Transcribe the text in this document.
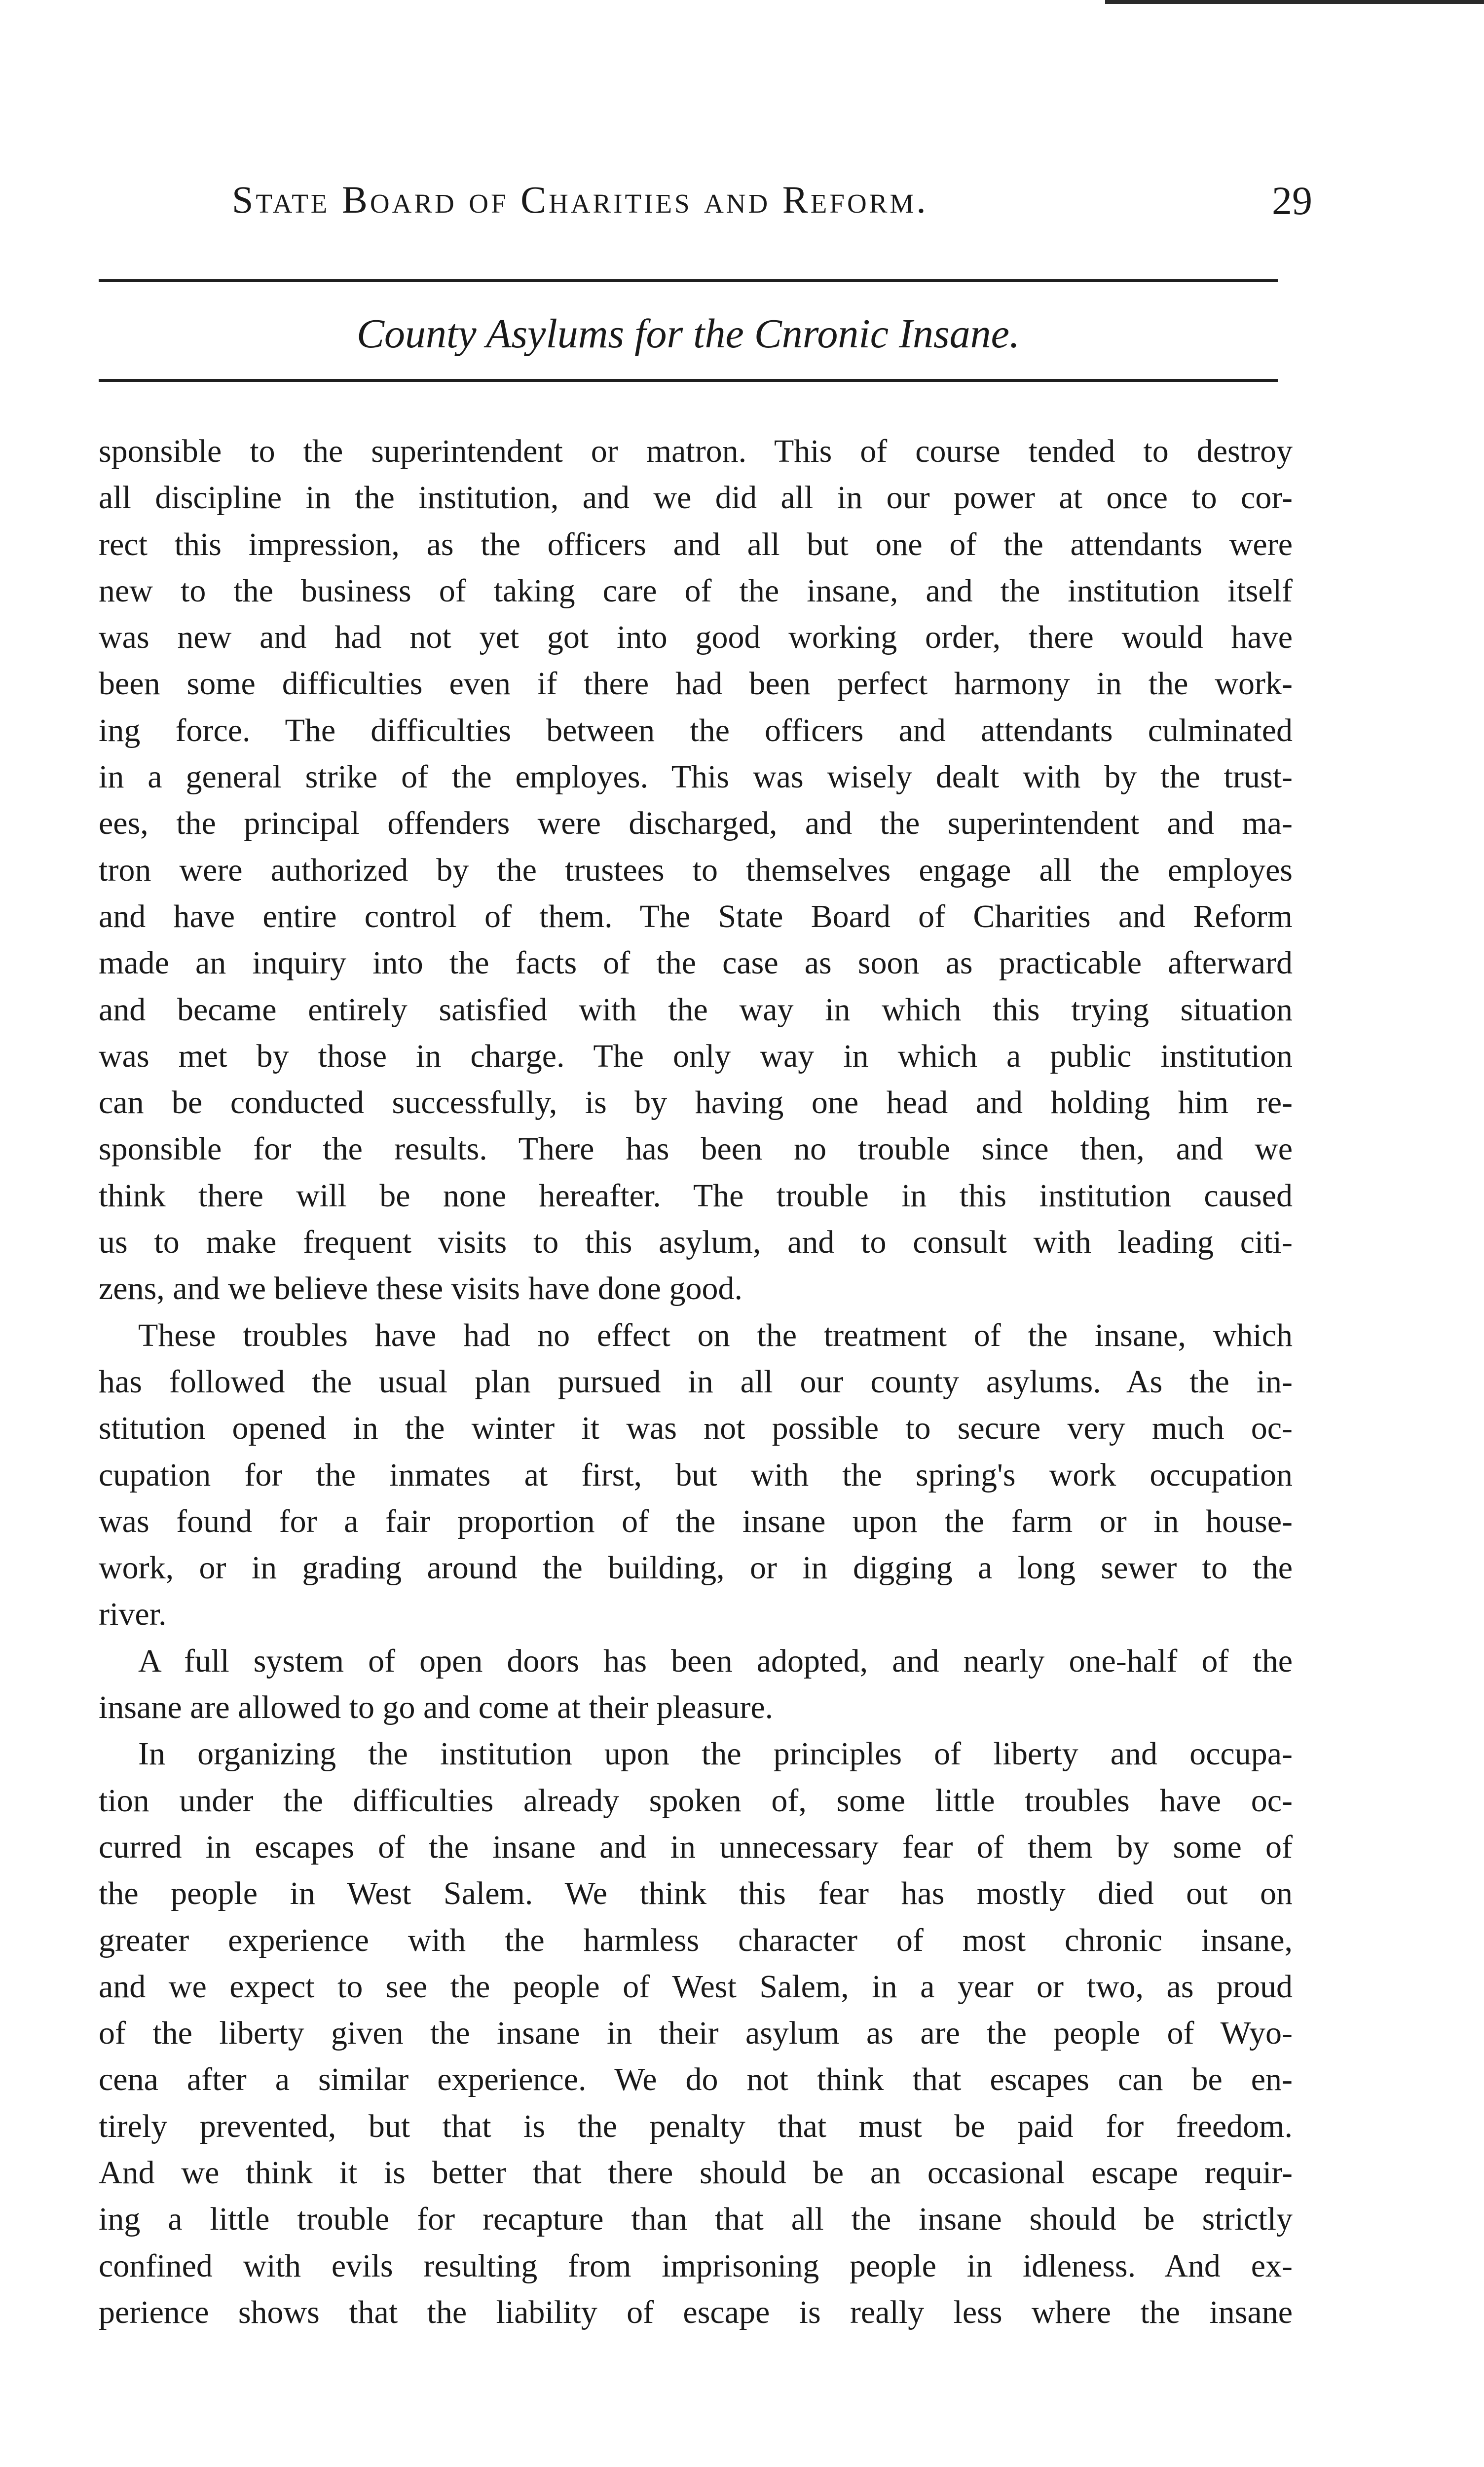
State Board of Charities and Reform.	29
County Asylums for the Cnronic Insane.
sponsible to the superintendent or matron. This of course tended to destroy
all discipline in the institution, and we did all in our power at once to cor-
rect this impression, as the officers and all but one of the attendants were
new to the business of taking care of the insane, and the institution itself
was new and had not yet got into good working order, there would have
been some difficulties even if there had been perfect harmony in the work-
ing force. The difficulties between the officers and attendants culminated
in a general strike of the employes. This was wisely dealt with by the trust-
ees, the principal offenders were discharged, and the superintendent and ma-
tron were authorized by the trustees to themselves engage all the employes
and have entire control of them. The State Board of Charities and Reform
made an inquiry into the facts of the case as soon as practicable afterward
and became entirely satisfied with the way in which this trying situation
was met by those in charge. The only way in which a public institution
can be conducted successfully, is by having one head and holding him re-
sponsible for the results. There has been no trouble since then, and we
think there will be none hereafter. The trouble in this institution caused
us to make frequent visits to this asylum, and to consult with leading citi-
zens, and we believe these visits have done good.
These troubles have had no effect on the treatment of the insane, which
has followed the usual plan pursued in all our county asylums. As the in-
stitution opened in the winter it was not possible to secure very much oc-
cupation for the inmates at first, but with the spring's work occupation
was found for a fair proportion of the insane upon the farm or in house-
work, or in grading around the building, or in digging a long sewer to the
river.
A full system of open doors has been adopted, and nearly one-half of the
insane are allowed to go and come at their pleasure.
In organizing the institution upon the principles of liberty and occupa-
tion under the difficulties already spoken of, some little troubles have oc-
curred in escapes of the insane and in unnecessary fear of them by some of
the people in West Salem. We think this fear has mostly died out on
greater experience with the harmless character of most chronic insane,
and we expect to see the people of West Salem, in a year or two, as proud
of the liberty given the insane in their asylum as are the people of Wyo-
cena after a similar experience. We do not think that escapes can be en-
tirely prevented, but that is the penalty that must be paid for freedom.
And we think it is better that there should be an occasional escape requir-
ing a little trouble for recapture than that all the insane should be strictly
confined with evils resulting from imprisoning people in idleness. And ex-
perience shows that the liability of escape is really less where the insane
